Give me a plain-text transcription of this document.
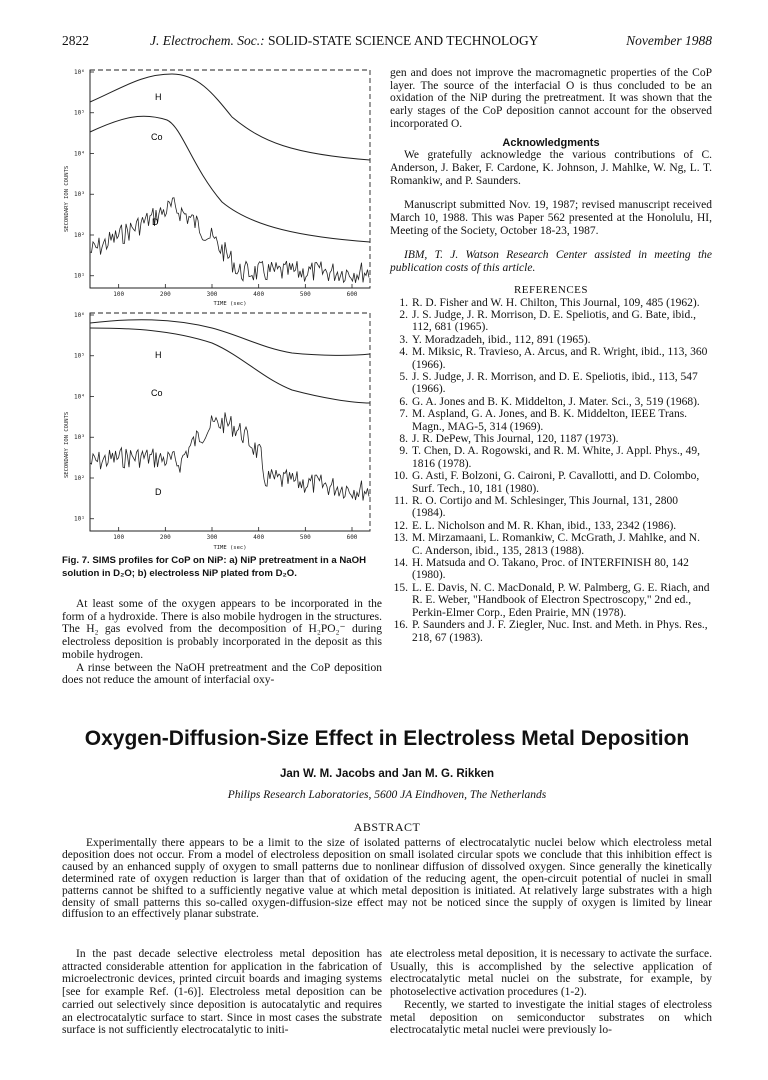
2822	J. Electrochem. Soc.: SOLID-STATE SCIENCE AND TECHNOLOGY	November 1988
10⁶
10⁵
10⁴
10³
10²
10¹
100	200	300	400	500	600
SECONDARY ION COUNTS
TIME (sec)
H
Co
D
10⁶
10⁵
10⁴
10³
10²
10¹
100	200	300	400	500	600
SECONDARY ION COUNTS
TIME (sec)
H
Co
D
Fig. 7. SIMS profiles for CoP on NiP: a) NiP pretreatment in a NaOH solution in D₂O; b) electroless NiP plated from D₂O.
At least some of the oxygen appears to be incorporated in the form of a hydroxide. There is also mobile hydrogen in the structures. The H₂ gas evolved from the decomposition of H₂PO₂⁻ during electroless deposition is probably incorporated in the deposit as this mobile hydrogen.
A rinse between the NaOH pretreatment and the CoP deposition does not reduce the amount of interfacial oxy-
gen and does not improve the macromagnetic properties of the CoP layer. The source of the interfacial O is thus concluded to be an oxidation of the NiP during the pretreatment. It was shown that the early stages of the CoP deposition cannot account for the observed incorporated O.
Acknowledgments
We gratefully acknowledge the various contributions of C. Anderson, J. Baker, F. Cardone, K. Johnson, J. Mahlke, W. Ng, L. T. Romankiw, and P. Saunders.
Manuscript submitted Nov. 19, 1987; revised manuscript received March 10, 1988. This was Paper 562 presented at the Honolulu, HI, Meeting of the Society, October 18-23, 1987.
IBM, T. J. Watson Research Center assisted in meeting the publication costs of this article.
REFERENCES
1. R. D. Fisher and W. H. Chilton, This Journal, 109, 485 (1962).
2. J. S. Judge, J. R. Morrison, D. E. Speliotis, and G. Bate, ibid., 112, 681 (1965).
3. Y. Moradzadeh, ibid., 112, 891 (1965).
4. M. Miksic, R. Travieso, A. Arcus, and R. Wright, ibid., 113, 360 (1966).
5. J. S. Judge, J. R. Morrison, and D. E. Speliotis, ibid., 113, 547 (1966).
6. G. A. Jones and B. K. Middelton, J. Mater. Sci., 3, 519 (1968).
7. M. Aspland, G. A. Jones, and B. K. Middelton, IEEE Trans. Magn., MAG-5, 314 (1969).
8. J. R. DePew, This Journal, 120, 1187 (1973).
9. T. Chen, D. A. Rogowski, and R. M. White, J. Appl. Phys., 49, 1816 (1978).
10. G. Asti, F. Bolzoni, G. Caironi, P. Cavallotti, and D. Colombo, Surf. Tech., 10, 181 (1980).
11. R. O. Cortijo and M. Schlesinger, This Journal, 131, 2800 (1984).
12. E. L. Nicholson and M. R. Khan, ibid., 133, 2342 (1986).
13. M. Mirzamaani, L. Romankiw, C. McGrath, J. Mahlke, and N. C. Anderson, ibid., 135, 2813 (1988).
14. H. Matsuda and O. Takano, Proc. of INTERFINISH 80, 142 (1980).
15. L. E. Davis, N. C. MacDonald, P. W. Palmberg, G. E. Riach, and R. E. Weber, "Handbook of Electron Spectroscopy," 2nd ed., Perkin-Elmer Corp., Eden Prairie, MN (1978).
16. P. Saunders and J. F. Ziegler, Nuc. Inst. and Meth. in Phys. Res., 218, 67 (1983).
Oxygen-Diffusion-Size Effect in Electroless Metal Deposition
Jan W. M. Jacobs and Jan M. G. Rikken
Philips Research Laboratories, 5600 JA Eindhoven, The Netherlands
ABSTRACT
Experimentally there appears to be a limit to the size of isolated patterns of electrocatalytic nuclei below which electroless metal deposition does not occur. From a model of electroless deposition on small isolated circular spots we conclude that this inhibition effect is caused by an enhanced supply of oxygen to small patterns due to nonlinear diffusion of dissolved oxygen. Since generally the kinetically determined rate of oxygen reduction is larger than that of oxidation of the reducing agent, the open-circuit potential of nuclei in small patterns cannot be shifted to a sufficiently negative value at which metal deposition is initiated. At relatively large substrates with a high density of small patterns this so-called oxygen-diffusion-size effect may not be noticed since the supply of oxygen is limited by linear diffusion to an effectively planar substrate.
In the past decade selective electroless metal deposition has attracted considerable attention for application in the fabrication of microelectronic devices, printed circuit boards and imaging systems [see for example Ref. (1-6)]. Electroless metal deposition can be carried out selectively since deposition is autocatalytic and requires an electrocatalytic surface to start. Since in most cases the substrate surface is not sufficiently electrocatalytic to initi-
ate electroless metal deposition, it is necessary to activate the surface. Usually, this is accomplished by the selective application of electrocatalytic metal nuclei on the substrate, for example, by photoselective activation procedures (1-2).
Recently, we started to investigate the initial stages of electroless metal deposition on semiconductor substrates on which electrocatalytic metal nuclei were previously lo-
